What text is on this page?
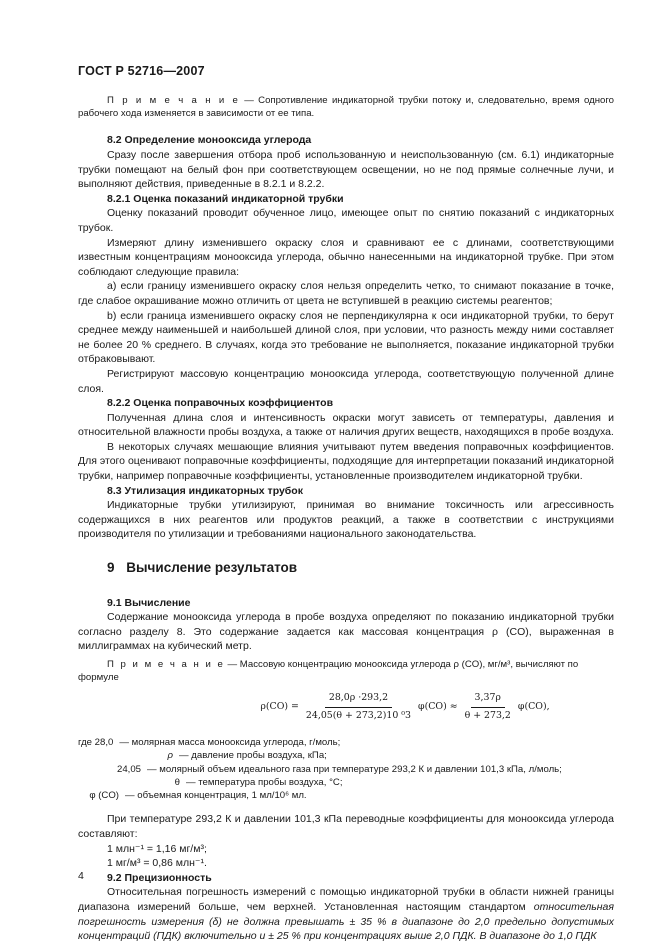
ГОСТ Р 52716—2007

П р и м е ч а н и е — Сопротивление индикаторной трубки потоку и, следовательно, время одного рабочего хода изменяется в зависимости от ее типа.

8.2 Определение монооксида углерода

Сразу после завершения отбора проб использованную и неиспользованную (см. 6.1) индикаторные трубки помещают на белый фон при соответствующем освещении, но не под прямые солнечные лучи, и выполняют действия, приведенные в 8.2.1 и 8.2.2.

8.2.1 Оценка показаний индикаторной трубки

Оценку показаний проводит обученное лицо, имеющее опыт по снятию показаний с индикаторных трубок.

Измеряют длину изменившего окраску слоя и сравнивают ее с длинами, соответствующими известным концентрациям монооксида углерода, обычно нанесенными на индикаторной трубке. При этом соблюдают следующие правила:

а) если границу изменившего окраску слоя нельзя определить четко, то снимают показание в точке, где слабое окрашивание можно отличить от цвета не вступившей в реакцию системы реагентов;

b) если граница изменившего окраску слоя не перпендикулярна к оси индикаторной трубки, то берут среднее между наименьшей и наибольшей длиной слоя, при условии, что разность между ними составляет не более 20 % среднего. В случаях, когда это требование не выполняется, показание индикаторной трубки отбраковывают.

Регистрируют массовую концентрацию монооксида углерода, соответствующую полученной длине слоя.

8.2.2 Оценка поправочных коэффициентов

Полученная длина слоя и интенсивность окраски могут зависеть от температуры, давления и относительной влажности пробы воздуха, а также от наличия других веществ, находящихся в пробе воздуха.

В некоторых случаях мешающие влияния учитывают путем введения поправочных коэффициентов. Для этого оценивают поправочные коэффициенты, подходящие для интерпретации показаний индикаторной трубки, например поправочные коэффициенты, установленные производителем индикаторной трубки.

8.3 Утилизация индикаторных трубок

Индикаторные трубки утилизируют, принимая во внимание токсичность или агрессивность содержащихся в них реагентов или продуктов реакций, а также в соответствии с инструкциями производителя по утилизации и требованиями национального законодательства.

9 Вычисление результатов

9.1 Вычисление

Содержание монооксида углерода в пробе воздуха определяют по показанию индикаторной трубки согласно разделу 8. Это содержание задается как массовая концентрация ρ (CO), выраженная в миллиграммах на кубический метр.

П р и м е ч а н и е — Массовую концентрацию монооксида углерода ρ (CO), мг/м³, вычисляют по формуле

$\rho(CO) = \frac{28,0\rho \cdot 293,2}{\text{24,05(θ + 273,2)10 ⁰3}} \varphi(CO) \approx \frac{3,37\rho}{\theta + 273,2} \varphi(CO)$,
где 28,0 — молярная масса монооксида углерода, г/моль;
ρ — давление пробы воздуха, кПа;
24,05 — молярный объем идеального газа при температуре 293,2 К и давлении 101,3 кПа, л/моль;
θ — температура пробы воздуха, °С;
φ (CO) — объемная концентрация, 1 мл/10⁶ мл.

При температуре 293,2 К и давлении 101,3 кПа переводные коэффициенты для монооксида углерода составляют:

1 млн⁻¹ = 1,16 мг/м³;

1 мг/м³ = 0,86 млн⁻¹.

9.2 Прецизионность

Относительная погрешность измерений с помощью индикаторной трубки в области нижней границы диапазона измерений больше, чем верхней. Установленная настоящим стандартом относительная погрешность измерения (δ) не должна превышать ± 35 % в диапазоне до 2,0 предельно допустимых концентраций (ПДК) включительно и ± 25 % при концентрациях выше 2,0 ПДК. В диапазоне до 1,0 ПДК

4
